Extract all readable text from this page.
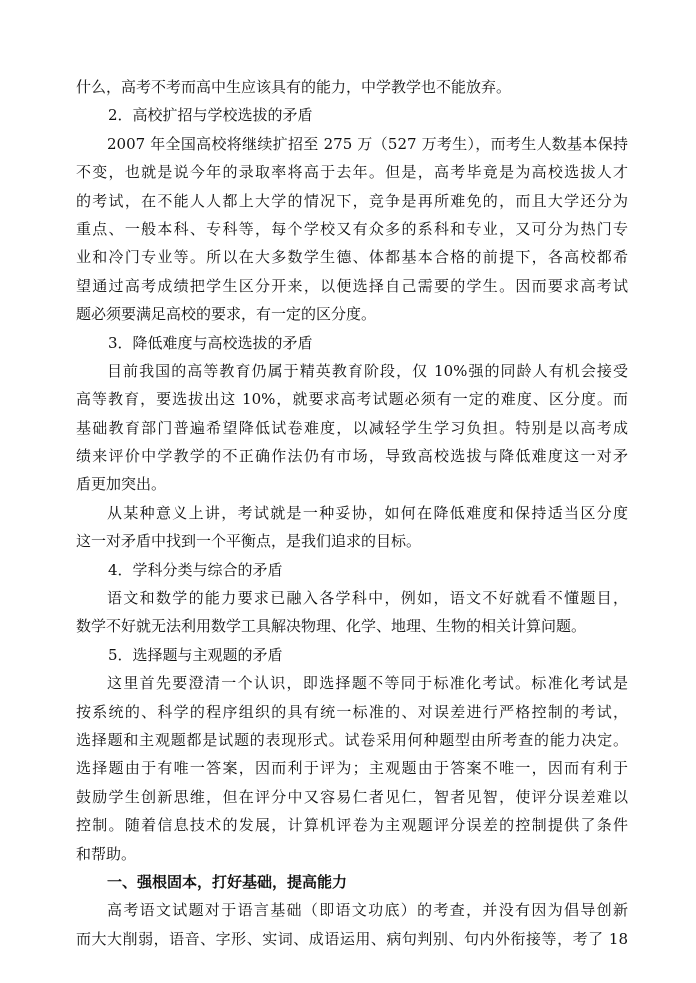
什么，高考不考而高中生应该具有的能力，中学教学也不能放弃。
2．高校扩招与学校选拔的矛盾
2007 年全国高校将继续扩招至 275 万（527 万考生），而考生人数基本保持
不变，也就是说今年的录取率将高于去年。但是，高考毕竟是为高校选拔人才
的考试，在不能人人都上大学的情况下，竞争是再所难免的，而且大学还分为
重点、一般本科、专科等，每个学校又有众多的系科和专业，又可分为热门专
业和冷门专业等。所以在大多数学生德、体都基本合格的前提下，各高校都希
望通过高考成绩把学生区分开来，以便选择自己需要的学生。因而要求高考试
题必须要满足高校的要求，有一定的区分度。
3．降低难度与高校选拔的矛盾
目前我国的高等教育仍属于精英教育阶段，仅 10%强的同龄人有机会接受
高等教育，要选拔出这 10%，就要求高考试题必须有一定的难度、区分度。而
基础教育部门普遍希望降低试卷难度，以减轻学生学习负担。特别是以高考成
绩来评价中学教学的不正确作法仍有市场，导致高校选拔与降低难度这一对矛
盾更加突出。
从某种意义上讲，考试就是一种妥协，如何在降低难度和保持适当区分度
这一对矛盾中找到一个平衡点，是我们追求的目标。
4．学科分类与综合的矛盾
语文和数学的能力要求已融入各学科中，例如，语文不好就看不懂题目，
数学不好就无法利用数学工具解决物理、化学、地理、生物的相关计算问题。
5．选择题与主观题的矛盾
这里首先要澄清一个认识，即选择题不等同于标准化考试。标准化考试是
按系统的、科学的程序组织的具有统一标准的、对误差进行严格控制的考试，
选择题和主观题都是试题的表现形式。试卷采用何种题型由所考查的能力决定。
选择题由于有唯一答案，因而利于评为；主观题由于答案不唯一，因而有利于
鼓励学生创新思维，但在评分中又容易仁者见仁，智者见智，使评分误差难以
控制。随着信息技术的发展，计算机评卷为主观题评分误差的控制提供了条件
和帮助。
一、强根固本，打好基础，提高能力
高考语文试题对于语言基础（即语文功底）的考查，并没有因为倡导创新
而大大削弱，语音、字形、实词、成语运用、病句判别、句内外衔接等，考了 18
